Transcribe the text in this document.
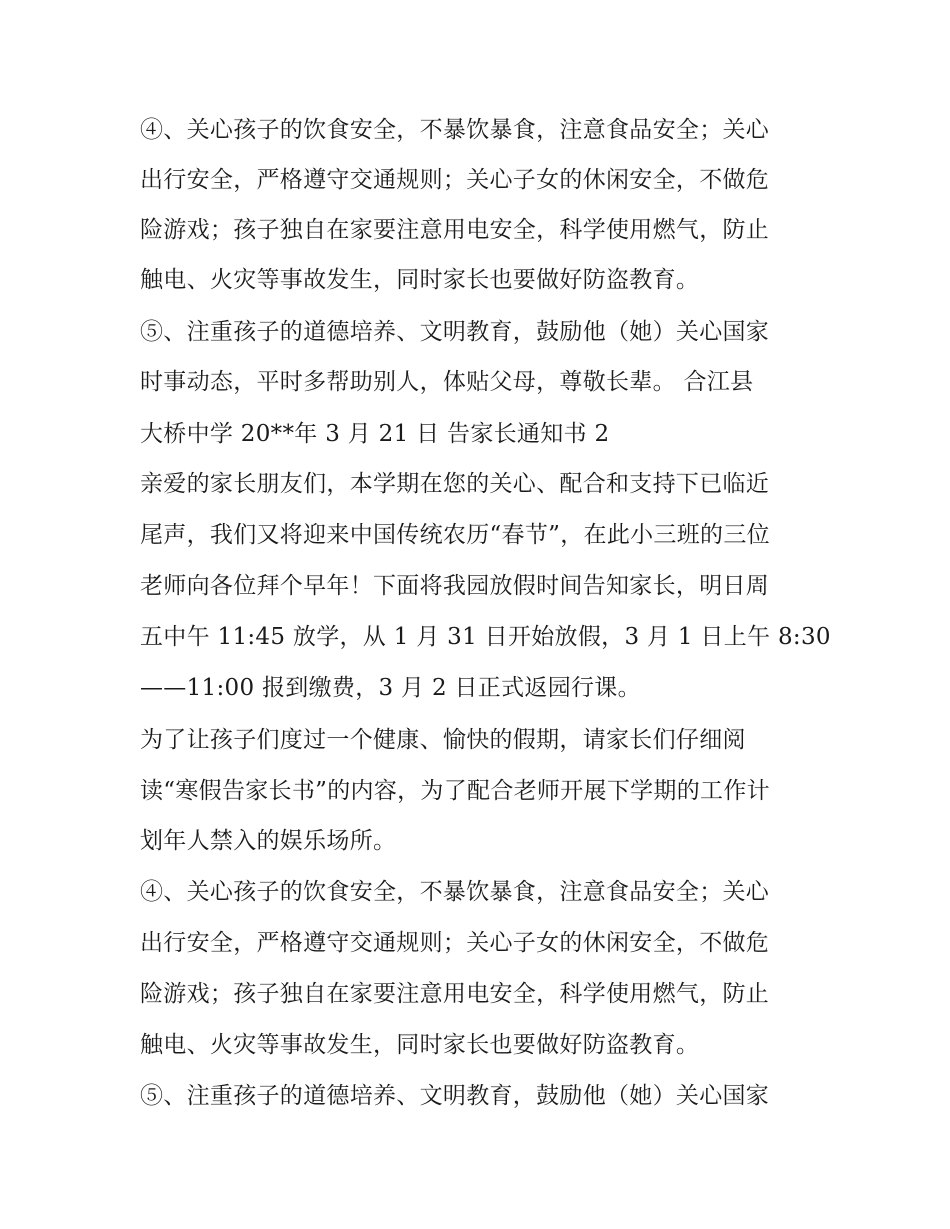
④、关心孩子的饮食安全，不暴饮暴食，注意食品安全；关心
出行安全，严格遵守交通规则；关心子女的休闲安全，不做危
险游戏；孩子独自在家要注意用电安全，科学使用燃气，防止
触电、火灾等事故发生，同时家长也要做好防盗教育。
⑤、注重孩子的道德培养、文明教育，鼓励他（她）关心国家
时事动态，平时多帮助别人，体贴父母，尊敬长辈。 合江县
大桥中学 20**年 3 月 21 日 告家长通知书 2
亲爱的家长朋友们，本学期在您的关心、配合和支持下已临近
尾声，我们又将迎来中国传统农历“春节”，在此小三班的三位
老师向各位拜个早年！下面将我园放假时间告知家长，明日周
五中午 11:45 放学，从 1 月 31 日开始放假，3 月 1 日上午 8:30
——11:00 报到缴费，3 月 2 日正式返园行课。
为了让孩子们度过一个健康、愉快的假期，请家长们仔细阅
读“寒假告家长书”的内容，为了配合老师开展下学期的工作计
划年人禁入的娱乐场所。
④、关心孩子的饮食安全，不暴饮暴食，注意食品安全；关心
出行安全，严格遵守交通规则；关心子女的休闲安全，不做危
险游戏；孩子独自在家要注意用电安全，科学使用燃气，防止
触电、火灾等事故发生，同时家长也要做好防盗教育。
⑤、注重孩子的道德培养、文明教育，鼓励他（她）关心国家
